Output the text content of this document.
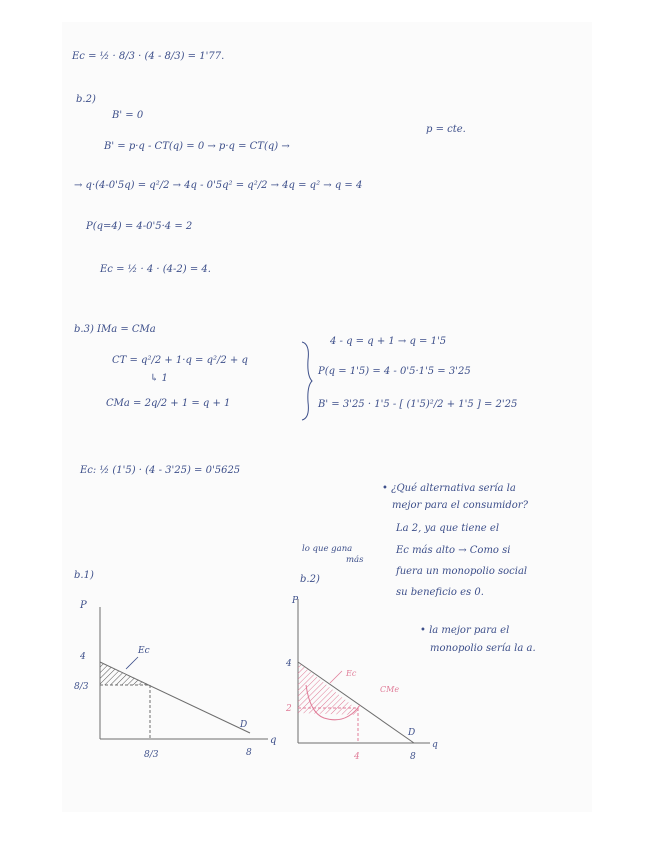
Ec = ½ · 8/3 · (4 - 8/3) = 1'77.
b.2)
B' = 0
p = cte.
B' = p·q - CT(q) = 0 → p·q = CT(q) →
→ q·(4-0'5q) = q²/2 → 4q - 0'5q² = q²/2 → 4q = q² → q = 4
P(q=4) = 4-0'5·4 = 2
Ec = ½ · 4 · (4-2) = 4.
b.3) IMa = CMa
CT = q²/2 + 1·q = q²/2 + q
↳ 1
CMa = 2q/2 + 1 = q + 1
4 - q = q + 1 → q = 1'5
P(q = 1'5) = 4 - 0'5·1'5 = 3'25
B' = 3'25 · 1'5 - [ (1'5)²/2 + 1'5 ] = 2'25
Ec: ½ (1'5) · (4 - 3'25) = 0'5625
• ¿Qué alternativa sería la
mejor para el consumidor?
La 2, ya que tiene el
Ec más alto → Como si
fuera un monopolio social
su beneficio es 0.
lo que gana
más
• la mejor para el
monopolio sería la a.
b.1)
P
q
4
8/3
8/3	8
Ec
D
b.2)
P
q
4
2
4	8
Ec
CMe
D
